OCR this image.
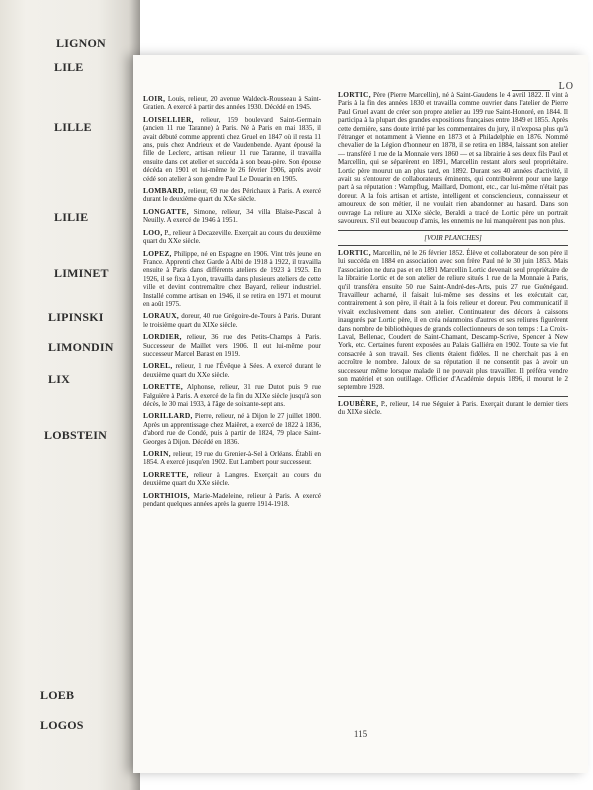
LIGNON
LILE
LILLE
LILIE
LIMINET
LIPINSKI
LIMONDIN
LIX
LOBSTEIN
LOEB
LOGOS
LO
LOIR, Louis, relieur, 20 avenue Waldeck-Rousseau à Saint-Gratien. A exercé à partir des années 1930. Décédé en 1945.
LOISELLIER, relieur, 159 boulevard Saint-Germain (ancien 11 rue Taranne) à Paris. Né à Paris en mai 1835, il avait débuté comme apprenti chez Gruel en 1847 où il resta 11 ans, puis chez Andrieux et de Vaudenbende. Ayant épousé la fille de Leclerc, artisan relieur 11 rue Taranne, il travailla ensuite dans cet atelier et succéda à son beau-père. Son épouse décéda en 1901 et lui-même le 26 février 1906, après avoir cédé son atelier à son gendre Paul Le Douarin en 1905.
LOMBARD, relieur, 69 rue des Périchaux à Paris. A exercé durant le deuxième quart du XXe siècle.
LONGATTE, Simone, relieur, 34 villa Blaise-Pascal à Neuilly. A exercé de 1946 à 1951.
LOO, P., relieur à Decazeville. Exerçait au cours du deuxième quart du XXe siècle.
LOPEZ, Philippe, né en Espagne en 1906. Vint très jeune en France. Apprenti chez Garde à Albi de 1918 à 1922, il travailla ensuite à Paris dans différents ateliers de 1923 à 1925. En 1926, il se fixa à Lyon, travailla dans plusieurs ateliers de cette ville et devint contremaître chez Bayard, relieur industriel. Installé comme artisan en 1946, il se retira en 1971 et mourut en août 1975.
LORAUX, doreur, 40 rue Grégoire-de-Tours à Paris. Durant le troisième quart du XIXe siècle.
LORDIER, relieur, 36 rue des Petits-Champs à Paris. Successeur de Maillet vers 1906. Il eut lui-même pour successeur Marcel Barast en 1919.
LOREL, relieur, 1 rue l'Évêque à Sées. A exercé durant le deuxième quart du XXe siècle.
LORETTE, Alphonse, relieur, 31 rue Dutot puis 9 rue Falguière à Paris. A exercé de la fin du XIXe siècle jusqu'à son décès, le 30 mai 1933, à l'âge de soixante-sept ans.
LORILLARD, Pierre, relieur, né à Dijon le 27 juillet 1800. Après un apprentissage chez Maiëret, a exercé de 1822 à 1836, d'abord rue de Condé, puis à partir de 1824, 79 place Saint-Georges à Dijon. Décédé en 1836.
LORIN, relieur, 19 rue du Grenier-à-Sel à Orléans. Établi en 1854. A exercé jusqu'en 1902. Eut Lambert pour successeur.
LORRETTE, relieur à Langres. Exerçait au cours du deuxième quart du XXe siècle.
LORTHIOIS, Marie-Madeleine, relieur à Paris. A exercé pendant quelques années après la guerre 1914-1918.
LORTIC, Père (Pierre Marcellin), né à Saint-Gaudens le 4 avril 1822. Il vint à Paris à la fin des années 1830 et travailla comme ouvrier dans l'atelier de Pierre Paul Gruel avant de créer son propre atelier au 199 rue Saint-Honoré, en 1844. Il participa à la plupart des grandes expositions françaises entre 1849 et 1855. Après cette dernière, sans doute irrité par les commentaires du jury, il n'exposa plus qu'à l'étranger et notamment à Vienne en 1873 et à Philadelphie en 1876. Nommé chevalier de la Légion d'honneur en 1878, il se retira en 1884, laissant son atelier — transféré 1 rue de la Monnaie vers 1860 — et sa librairie à ses deux fils Paul et Marcellin, qui se séparèrent en 1891, Marcellin restant alors seul propriétaire. Lortic père mourut un an plus tard, en 1892. Durant ses 40 années d'activité, il avait su s'entourer de collaborateurs éminents, qui contribuèrent pour une large part à sa réputation : Wampflug, Maillard, Domont, etc., car lui-même n'était pas doreur. A la fois artisan et artiste, intelligent et consciencieux, connaisseur et amoureux de son métier, il ne voulait rien abandonner au hasard. Dans son ouvrage La reliure au XIXe siècle, Beraldi a tracé de Lortic père un portrait savoureux. S'il eut beaucoup d'amis, les ennemis ne lui manquèrent pas non plus.
[VOIR PLANCHES]
LORTIC, Marcellin, né le 26 février 1852. Élève et collaborateur de son père il lui succéda en 1884 en association avec son frère Paul né le 30 juin 1853. Mais l'association ne dura pas et en 1891 Marcellin Lortic devenait seul propriétaire de la librairie Lortic et de son atelier de reliure situés 1 rue de la Monnaie à Paris, qu'il transféra ensuite 50 rue Saint-André-des-Arts, puis 27 rue Guénégaud. Travailleur acharné, il faisait lui-même ses dessins et les exécutait car, contrairement à son père, il était à la fois relieur et doreur. Peu communicatif il vivait exclusivement dans son atelier. Continuateur des décors à caissons inaugurés par Lortic père, il en créa néanmoins d'autres et ses reliures figurèrent dans nombre de bibliothèques de grands collectionneurs de son temps : La Croix-Laval, Bellenac, Coudert de Saint-Chamant, Descamp-Scrive, Spencer à New York, etc. Certaines furent exposées au Palais Galliéra en 1902. Toute sa vie fut consacrée à son travail. Ses clients étaient fidèles. Il ne cherchait pas à en accroître le nombre. Jaloux de sa réputation il ne consentit pas à avoir un successeur même lorsque malade il ne pouvait plus travailler. Il préféra vendre son matériel et son outillage. Officier d'Académie depuis 1896, il mourut le 2 septembre 1928.
LOUBÈRE, P., relieur, 14 rue Séguier à Paris. Exerçait durant le dernier tiers du XIXe siècle.
115
